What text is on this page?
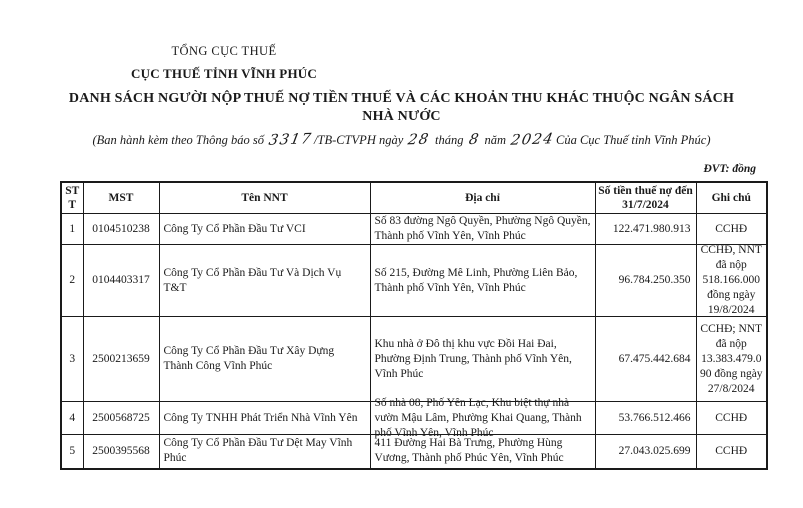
TỔNG CỤC THUẾ
CỤC THUẾ TỈNH VĨNH PHÚC
DANH SÁCH NGƯỜI NỘP THUẾ NỢ TIỀN THUẾ VÀ CÁC KHOẢN THU KHÁC THUỘC NGÂN SÁCH
NHÀ NƯỚC
(Ban hành kèm theo Thông báo số 3317/TB-CTVPH ngày 28 tháng 8 năm 2024Của Cục Thuế tỉnh Vĩnh Phúc)
ĐVT: đồng
STT	MST	Tên NNT	Địa chỉ	Số tiền thuế nợ đến 31/7/2024	Ghi chú
1	0104510238	Công Ty Cổ Phần Đầu Tư VCI	Số 83 đường Ngô Quyền, Phường Ngô Quyền, Thành phố Vĩnh Yên, Vĩnh Phúc	122.471.980.913	CCHĐ
2	0104403317	Công Ty Cổ Phần Đầu Tư Và Dịch Vụ T&T	Số 215, Đường Mê Linh, Phường Liên Bảo, Thành phố Vĩnh Yên, Vĩnh Phúc	96.784.250.350	CCHĐ, NNT đã nộp 518.166.000 đồng ngày 19/8/2024

3	2500213659	Công Ty Cổ Phần Đầu Tư Xây Dựng Thành Công Vĩnh Phúc	Khu nhà ở Đô thị khu vực Đồi Hai Đai, Phường Định Trung, Thành phố Vĩnh Yên, Vĩnh Phúc	67.475.442.684	CCHĐ; NNT đã nộp 13.383.479.090 đồng ngày 27/8/2024

4	2500568725	Công Ty TNHH Phát Triển Nhà Vĩnh Yên	Số nhà 08, Phố Yên Lạc, Khu biệt thự nhà vườn Mậu Lâm, Phường Khai Quang, Thành phố Vĩnh Yên, Vĩnh Phúc	53.766.512.466	CCHĐ
5	2500395568	Công Ty Cổ Phần Đầu Tư Dệt May Vĩnh Phúc	411 Đường Hai Bà Trưng, Phường Hùng Vương, Thành phố Phúc Yên, Vĩnh Phúc	27.043.025.699	CCHĐ
